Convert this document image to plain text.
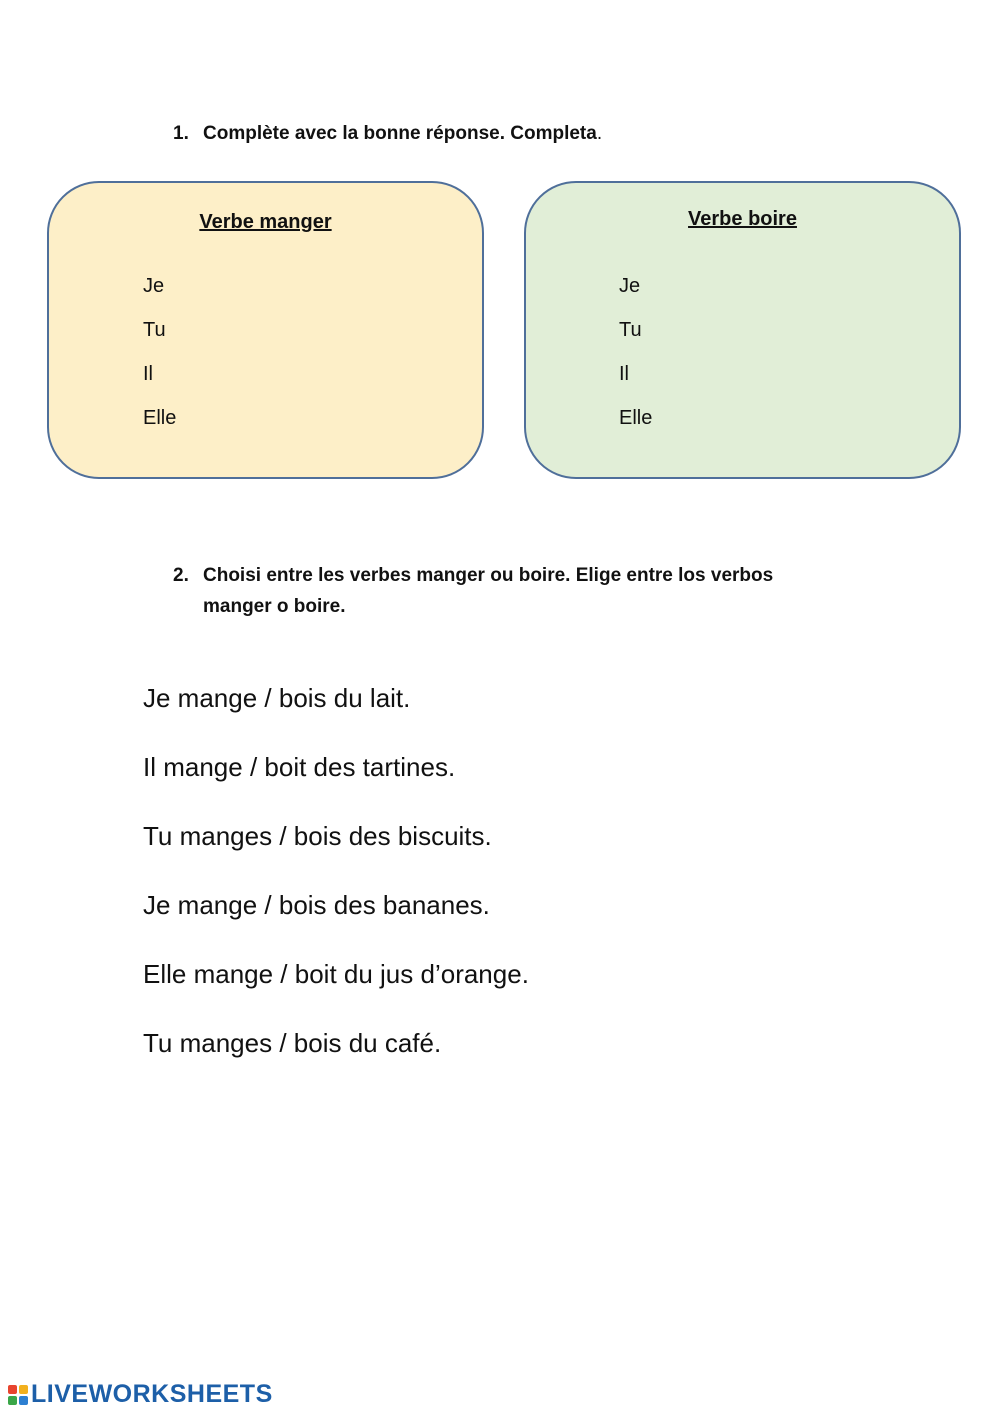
1. Complète avec la bonne réponse. Completa.
Verbe manger
Je
Tu
Il
Elle
Verbe boire
Je
Tu
Il
Elle
2. Choisi entre les verbes manger ou boire. Elige entre los verbos manger o boire.
Je mange / bois du lait.
Il mange / boit des tartines.
Tu manges / bois des biscuits.
Je mange / bois des bananes.
Elle mange / boit du jus d’orange.
Tu manges / bois du café.
LIVEWORKSHEETS
